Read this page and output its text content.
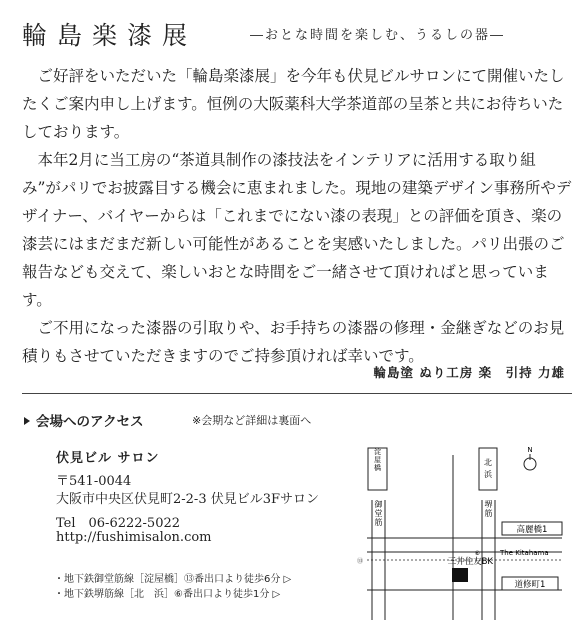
輪島楽漆展	―おとな時間を楽しむ、うるしの器―

ご好評をいただいた「輪島楽漆展」を今年も伏見ビルサロンにて開催いたしたくご案内申し上げます。恒例の大阪薬科大学茶道部の呈茶と共にお待ちいたしております。

本年2月に当工房の“茶道具制作の漆技法をインテリアに活用する取り組み”がパリでお披露目する機会に恵まれました。現地の建築デザイン事務所やデザイナー、バイヤーからは「これまでにない漆の表現」との評価を頂き、楽の漆芸にはまだまだ新しい可能性があることを実感いたしました。パリ出張のご報告なども交えて、楽しいおとな時間をご一緒させて頂ければと思っています。

ご不用になった漆器の引取りや、お手持ちの漆器の修理・金継ぎなどのお見積りもさせていただきますのでご持参頂ければ幸いです。

輪島塗 ぬり工房 楽　引持 力雄
会場へのアクセス	※会期など詳細は裏面へ
伏見ビル サロン
〒541-0044
大阪市中央区伏見町2-2-3 伏見ビル3Fサロン
Tel　06-6222-5022
http://fushimisalon.com
・地下鉄御堂筋線［淀屋橋］⑬番出口より徒歩6分 ▷
・地下鉄堺筋線［北　浜］⑥番出口より徒歩1分 ▷
N
淀屋橋
御堂筋
北浜
堺筋
高麗橋1
道修町1
三井住友BK
The Kitahama
⑥
⑬
